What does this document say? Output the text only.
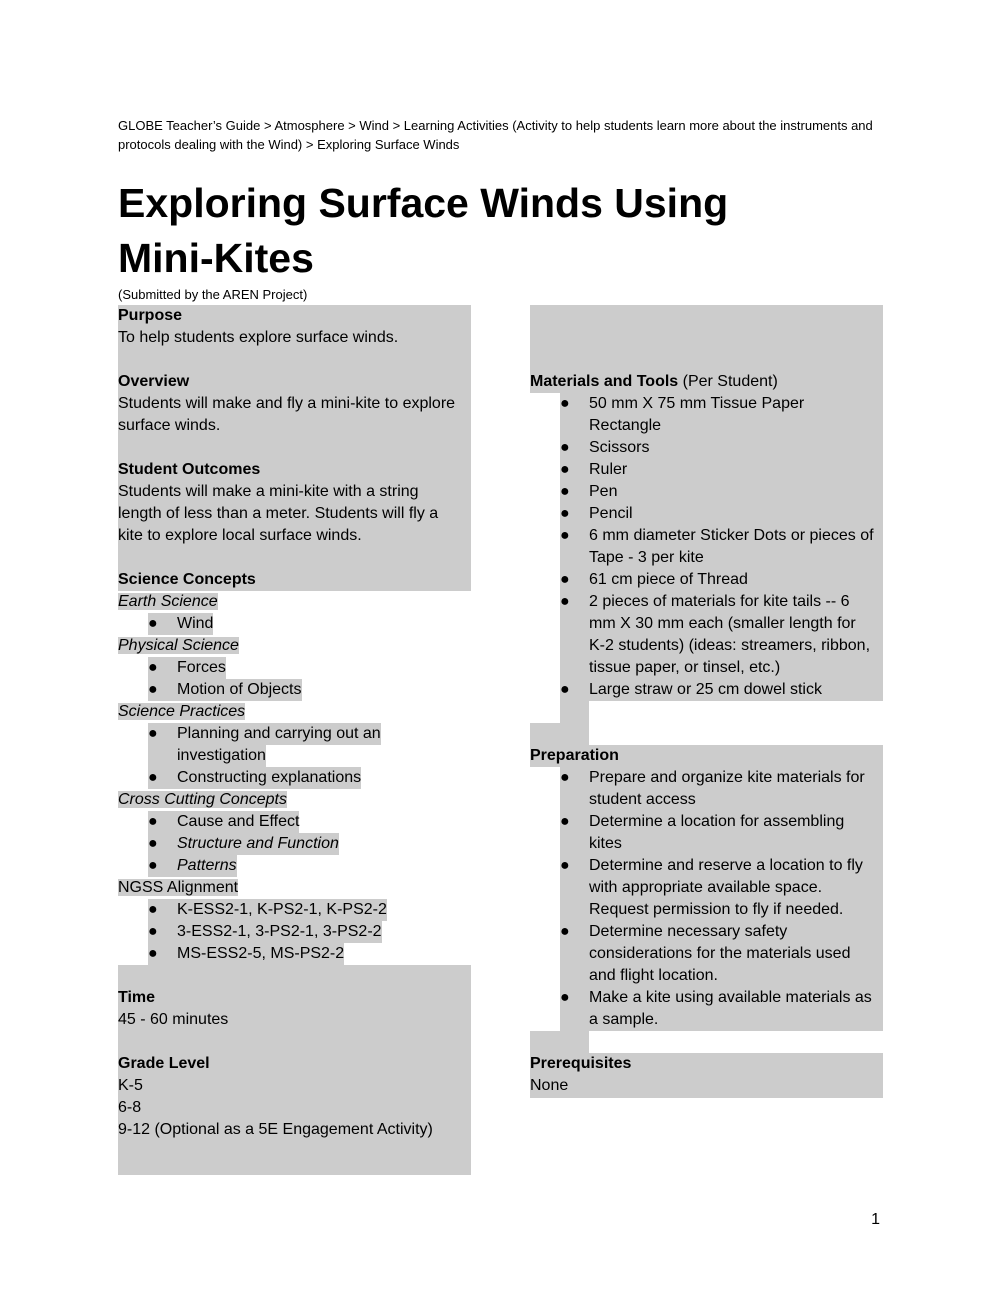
GLOBE Teacher’s Guide > Atmosphere > Wind > Learning Activities (Activity to help students learn more about the instruments and
protocols dealing with the Wind) > Exploring Surface Winds
Exploring Surface Winds Using
Mini-Kites
(Submitted by the AREN Project)
Purpose
To help students explore surface winds.
Overview
Students will make and fly a mini-kite to explore
surface winds.
Student Outcomes
Students will make a mini-kite with a string
length of less than a meter. Students will fly a
kite to explore local surface winds.
Science Concepts
Earth Science
●	Wind
Physical Science
●	Forces
●	Motion of Objects
Science Practices
●	Planning and carrying out an
investigation
●	Constructing explanations
Cross Cutting Concepts
●	Cause and Effect
●	Structure and Function
●	Patterns
NGSS Alignment
●	K-ESS2-1, K-PS2-1, K-PS2-2
●	3-ESS2-1, 3-PS2-1, 3-PS2-2
●	MS-ESS2-5, MS-PS2-2
Time
45 - 60 minutes
Grade Level
K-5
6-8
9-12 (Optional as a 5E Engagement Activity)
Materials and Tools (Per Student)
●	50 mm X 75 mm Tissue Paper
Rectangle
●	Scissors
●	Ruler
●	Pen
●	Pencil
●	6 mm diameter Sticker Dots or pieces of
Tape - 3 per kite
●	61 cm piece of Thread
●	2 pieces of materials for kite tails -- 6
mm X 30 mm each (smaller length for
K-2 students) (ideas: streamers, ribbon,
tissue paper, or tinsel, etc.)
●	Large straw or 25 cm dowel stick
Preparation
●	Prepare and organize kite materials for
student access
●	Determine a location for assembling
kites
●	Determine and reserve a location to fly
with appropriate available space.
Request permission to fly if needed.
●	Determine necessary safety
considerations for the materials used
and flight location.
●	Make a kite using available materials as
a sample.
Prerequisites
None
1
